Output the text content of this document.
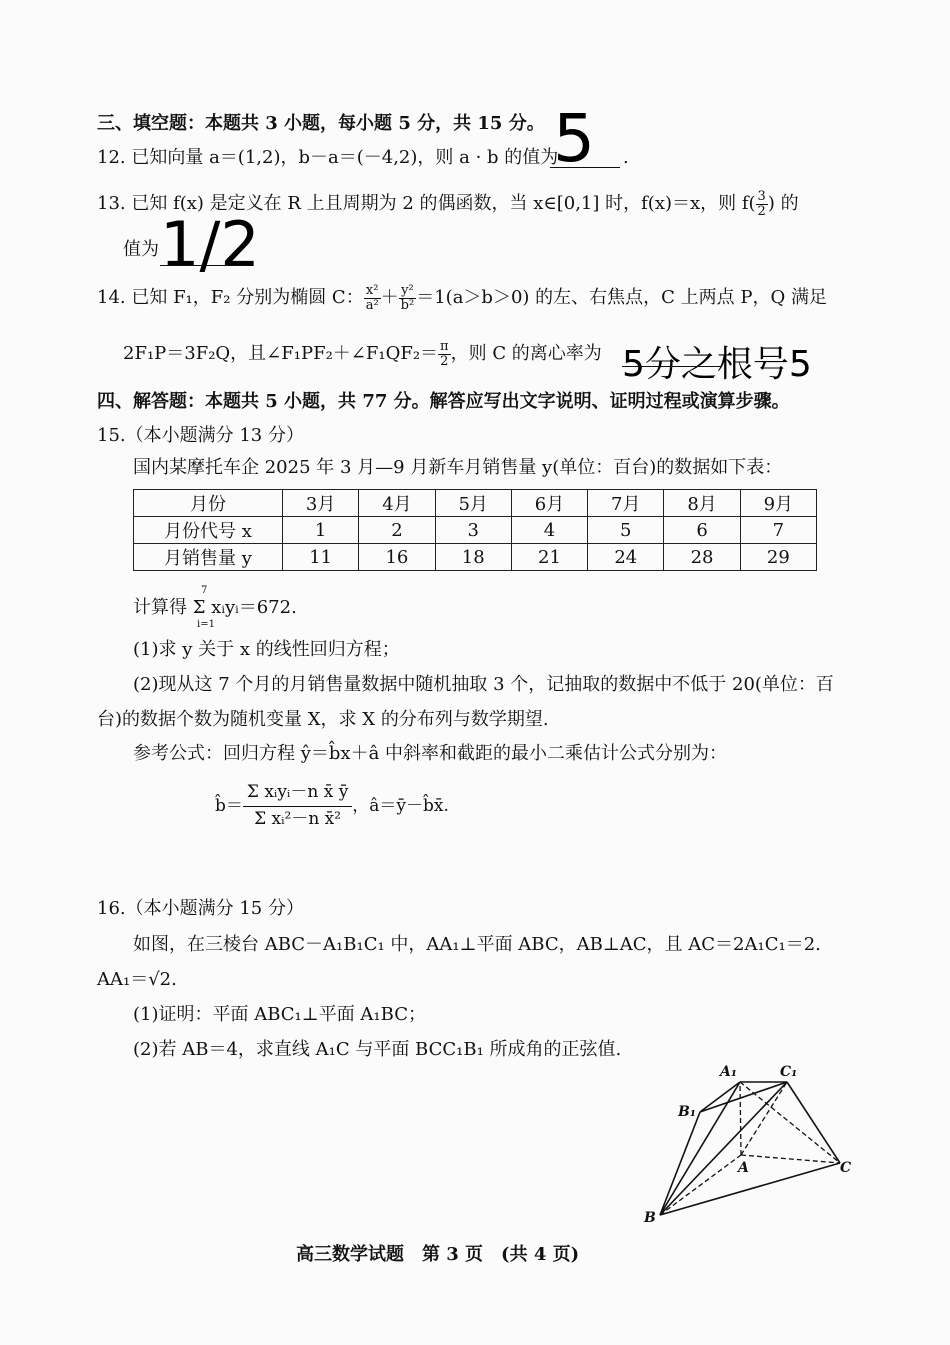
三、填空题：本题共 3 小题，每小题 5 分，共 15 分。
12. 已知向量 a＝(1,2)，b－a＝(－4,2)，则 a · b 的值为
5 .
13. 已知 f(x) 是定义在 R 上且周期为 2 的偶函数，当 x∈[0,1] 时，f(x)＝x，则 $f( \frac{3}{2}$ ) 的
值为 1/2
14. 已知 F₁，F₂ 分别为椭圆 C： $\frac{\text{x²}}{\text{a²}} + \frac{\text{y²}}{\text{b²}} =1(a>b>0)$ 的左、右焦点，C 上两点 P，Q 满足
2F₁P＝3F₂Q，且∠F₁PF₂＋∠F₁QF₂＝ $\frac{\pi}{2}$ ，则 C 的离心率为 5分之根号5
四、解答题：本题共 5 小题，共 77 分。解答应写出文字说明、证明过程或演算步骤。
15.（本小题满分 13 分）
国内某摩托车企 2025 年 3 月—9 月新车月销售量 y(单位：百台)的数据如下表：
月份	3月	4月	5月	6月	7月	8月	9月
月份代号 x	1	2	3	4	5	6	7
月销售量 y	11	16	18	21	24	28	29
计算得 Σ xᵢyᵢ＝672.
7
i=1
(1)求 y 关于 x 的线性回归方程；
(2)现从这 7 个月的月销售量数据中随机抽取 3 个，记抽取的数据中不低于 20(单位：百
台)的数据个数为随机变量 X，求 X 的分布列与数学期望.
参考公式：回归方程 ŷ＝b̂x＋â 中斜率和截距的最小二乘估计公式分别为：
b̂＝
Σ xᵢyᵢ－n x̄ ȳ
Σ xᵢ²－n x̄²
，â＝ȳ－b̂x̄.
16.（本小题满分 15 分）
如图，在三棱台 ABC－A₁B₁C₁ 中，AA₁⊥平面 ABC，AB⊥AC，且 AC＝2A₁C₁＝2.
AA₁＝√2.
(1)证明：平面 ABC₁⊥平面 A₁BC；
(2)若 AB＝4，求直线 A₁C 与平面 BCC₁B₁ 所成角的正弦值.
A₁	C₁
B₁
A	C
B
高三数学试题　第 3 页　(共 4 页)
